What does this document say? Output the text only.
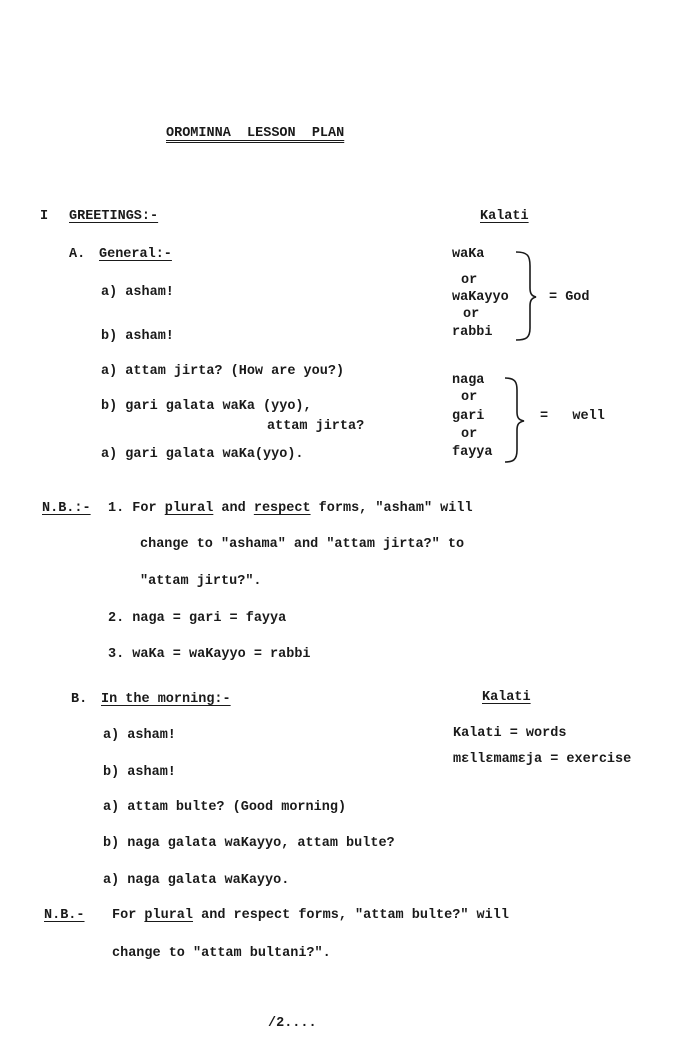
OROMINNA  LESSON  PLAN
I GREETINGS:-	Kalati
A. General:-
a) asham!
b) asham!
a) attam jirta? (How are you?)
b) gari galata waKa (yyo),
attam jirta?
a) gari galata waKa(yyo).
waKa
or
waKayyo
or
rabbi
= God
naga
or
gari
or
fayya
=   well
N.B.:- 1. For plural and respect forms, "asham" will
change to "ashama" and "attam jirta?" to
"attam jirtu?".
2. naga = gari = fayya
3. waKa = waKayyo = rabbi
B. In the morning:-	Kalati
a) asham!
b) asham!
a) attam bulte? (Good morning)
b) naga galata waKayyo, attam bulte?
a) naga galata waKayyo.
Kalati = words
mɛllɛmamɛja = exercise
N.B.- For plural and respect forms, "attam bulte?" will
change to "attam bultani?".
/2....
